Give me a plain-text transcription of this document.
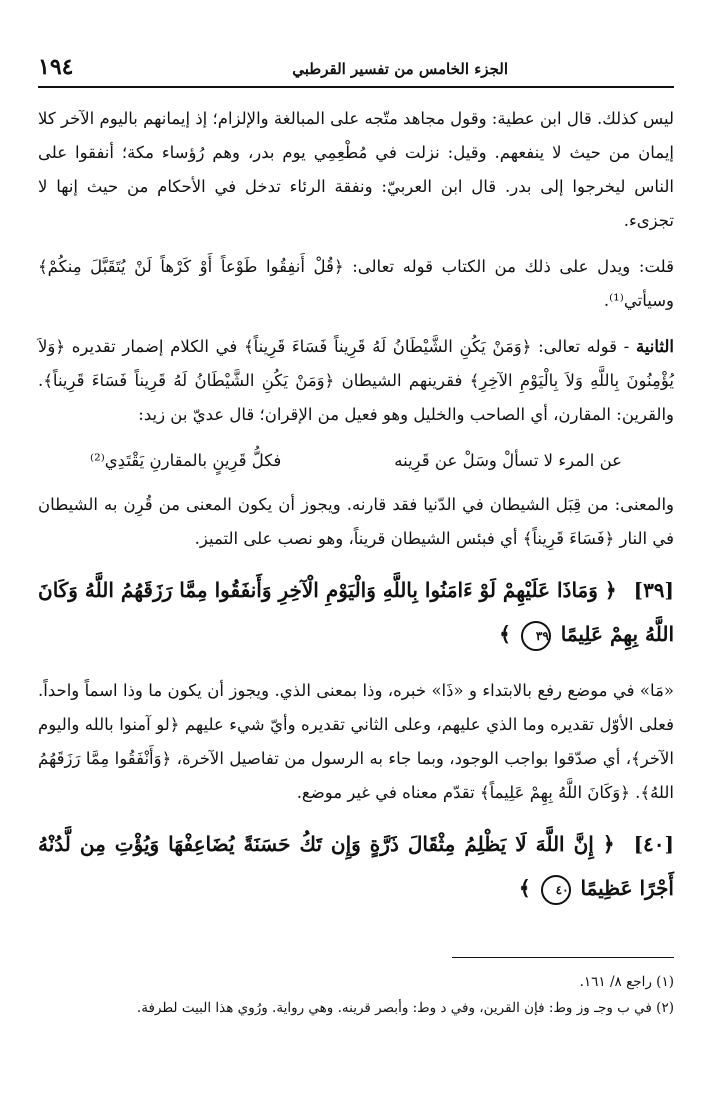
١٩٤	الجزء الخامس من تفسير القرطبي

ليس كذلك. قال ابن عطية: وقول مجاهد متّجه على المبالغة والإلزام؛ إذ إيمانهم باليوم الآخر كلا إيمان من حيث لا ينفعهم. وقيل: نزلت في مُطْعِمِي يوم بدر، وهم رُؤساء مكة؛ أنفقوا على الناس ليخرجوا إلى بدر. قال ابن العربيّ: ونفقة الرئاء تدخل في الأحكام من حيث إنها لا تجزىء.

قلت: ويدل على ذلك من الكتاب قوله تعالى: ﴿قُلْ أَنفِقُوا طَوْعاً أَوْ كَرْهاً لَنْ يُتَقَبَّلَ مِنكُمْ﴾ وسيأتي⁽¹⁾.

الثانية - قوله تعالى: ﴿وَمَنْ يَكُنِ الشَّيْطَانُ لَهُ قَرِيناً فَسَاءَ قَرِيناً﴾ في الكلام إضمار تقديره ﴿وَلاَ يُؤْمِنُونَ بِاللَّهِ وَلاَ بِالْيَوْمِ الآخِرِ﴾ فقرينهم الشيطان ﴿وَمَنْ يَكُنِ الشَّيْطَانُ لَهُ قَرِيناً فَسَاءَ قَرِيناً﴾. والقرين: المقارن، أي الصاحب والخليل وهو فعيل من الإقران؛ قال عديّ بن زيد:

عن المرء لا تسألْ وسَلْ عن قَرِينه
فكلُّ قَرِينٍ بالمقارنِ يَقْتَدِي⁽²⁾

والمعنى: من قِبَل الشيطان في الدّنيا فقد قارنه. ويجوز أن يكون المعنى من قُرِن به الشيطان في النار ﴿فَسَاءَ قَرِيناً﴾ أي فبئس الشيطان قريناً، وهو نصب على التميز.

[٣٩] ﴿ وَمَاذَا عَلَيْهِمْ لَوْ ءَامَنُوا بِاللَّهِ وَالْيَوْمِ الْآخِرِ وَأَنفَقُوا مِمَّا رَزَقَهُمُ اللَّهُ وَكَانَ اللَّهُ بِهِمْ عَلِيمًا ٣٩ ﴾

«مَا» في موضع رفع بالابتداء و «ذَا» خبره، وذا بمعنى الذي. ويجوز أن يكون ما وذا اسماً واحداً. فعلى الأوّل تقديره وما الذي عليهم، وعلى الثاني تقديره وأيّ شيء عليهم ﴿لو آمنوا بالله واليوم الآخر﴾، أي صدّقوا بواجب الوجود، وبما جاء به الرسول من تفاصيل الآخرة، ﴿وَأَنْفَقُوا مِمَّا رَزَقَهُمُ اللهُ﴾. ﴿وَكَانَ اللَّهُ بِهِمْ عَلِيماً﴾ تقدّم معناه في غير موضع.

[٤٠] ﴿ إِنَّ اللَّهَ لَا يَظْلِمُ مِثْقَالَ ذَرَّةٍ وَإِن تَكُ حَسَنَةً يُضَاعِفْهَا وَيُؤْتِ مِن لَّدُنْهُ أَجْرًا عَظِيمًا ٤٠ ﴾
(١) راجع ٨/ ١٦١.
(٢) في ب وجـ وز وط: فإن القرين، وفي د وط: وأبصر قرينه. وهي رواية. ورُوي هذا البيت لطرفة.
